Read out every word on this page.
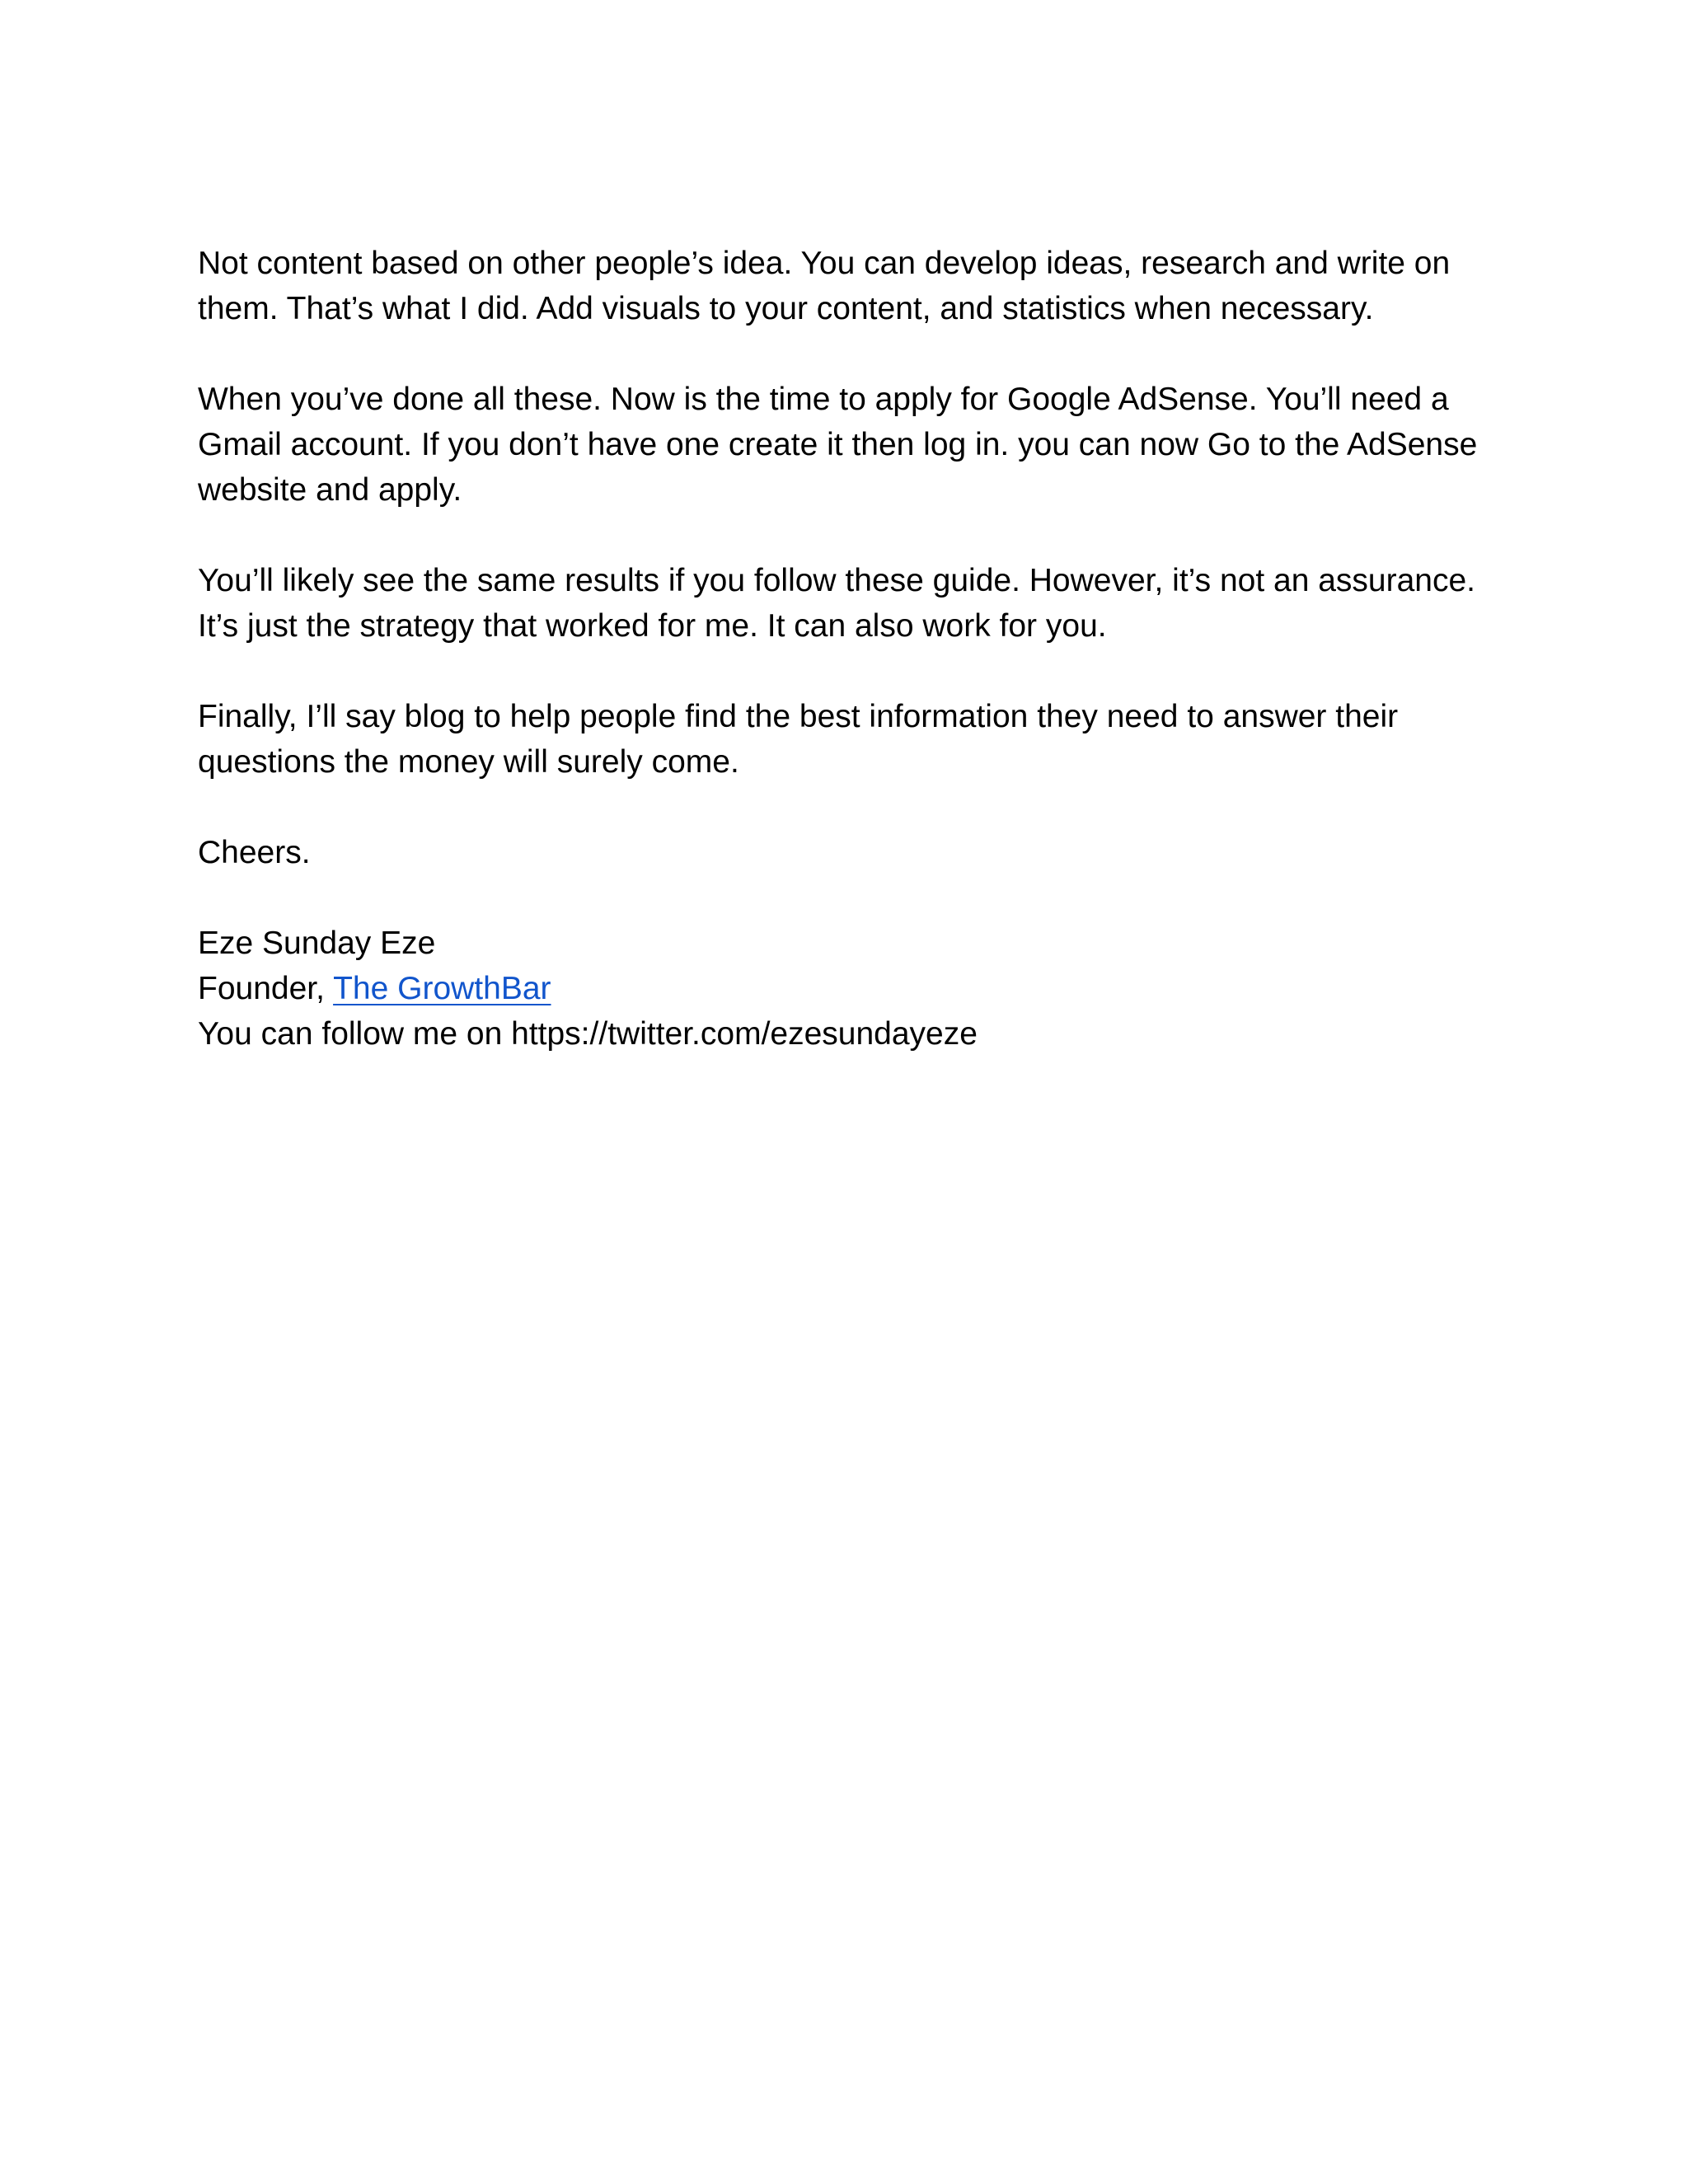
Not content based on other people’s idea. You can develop ideas, research and write on them. That’s what I did. Add visuals to your content, and statistics when necessary.

When you’ve done all these. Now is the time to apply for Google AdSense. You’ll need a Gmail account. If you don’t have one create it then log in. you can now Go to the AdSense website and apply.

You’ll likely see the same results if you follow these guide. However, it’s not an assurance. It’s just the strategy that worked for me. It can also work for you.

Finally, I’ll say blog to help people find the best information they need to answer their questions the money will surely come.

Cheers.

Eze Sunday Eze
Founder, The GrowthBar
You can follow me on https://twitter.com/ezesundayeze
